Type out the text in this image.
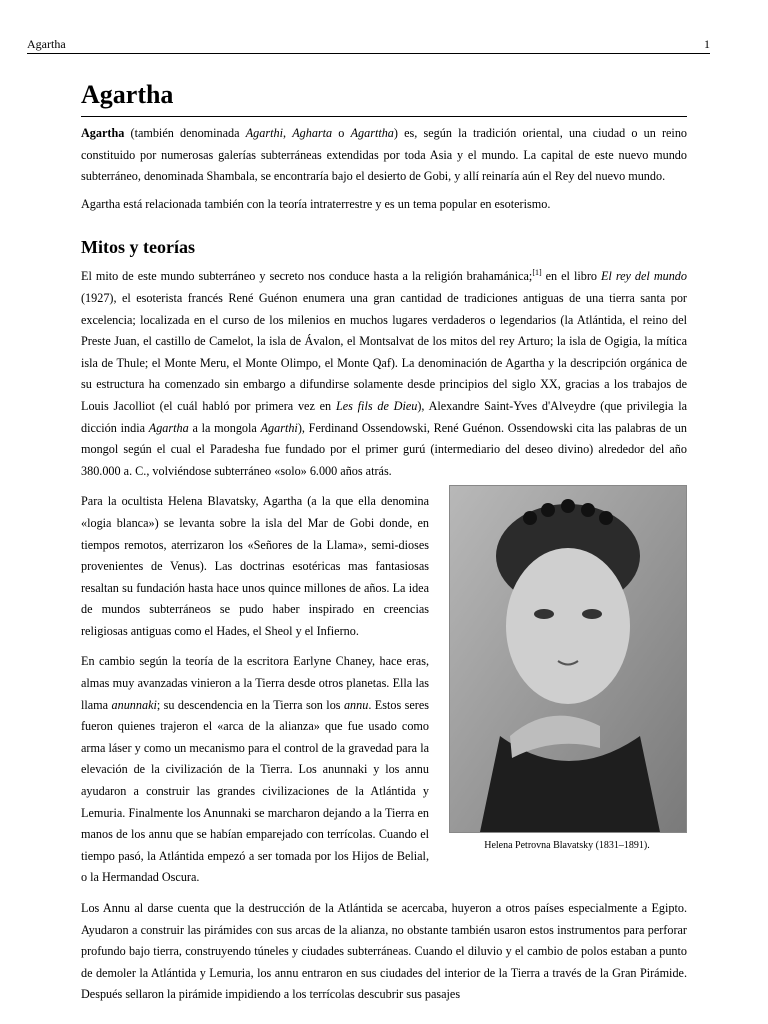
Agartha	1
Agartha

Agartha (también denominada Agarthi, Agharta o Agarttha) es, según la tradición oriental, una ciudad o un reino constituido por numerosas galerías subterráneas extendidas por toda Asia y el mundo. La capital de este nuevo mundo subterráneo, denominada Shambala, se encontraría bajo el desierto de Gobi, y allí reinaría aún el Rey del nuevo mundo.

Agartha está relacionada también con la teoría intraterrestre y es un tema popular en esoterismo.

Mitos y teorías

El mito de este mundo subterráneo y secreto nos conduce hasta a la religión brahamánica;[1] en el libro El rey del mundo (1927), el esoterista francés René Guénon enumera una gran cantidad de tradiciones antiguas de una tierra santa por excelencia; localizada en el curso de los milenios en muchos lugares verdaderos o legendarios (la Atlántida, el reino del Preste Juan, el castillo de Camelot, la isla de Ávalon, el Montsalvat de los mitos del rey Arturo; la isla de Ogigia, la mítica isla de Thule; el Monte Meru, el Monte Olimpo, el Monte Qaf). La denominación de Agartha y la descripción orgánica de su estructura ha comenzado sin embargo a difundirse solamente desde principios del siglo XX, gracias a los trabajos de Louis Jacolliot (el cuál habló por primera vez en Les fils de Dieu), Alexandre Saint-Yves d'Alveydre (que privilegia la dicción india Agartha a la mongola Agarthi), Ferdinand Ossendowski, René Guénon. Ossendowski cita las palabras de un mongol según el cual el Paradesha fue fundado por el primer gurú (intermediario del deseo divino) alrededor del año 380.000 a. C., volviéndose subterráneo «solo» 6.000 años atrás.

Helena Petrovna Blavatsky (1831–1891).

Para la ocultista Helena Blavatsky, Agartha (a la que ella denomina «logia blanca») se levanta sobre la isla del Mar de Gobi donde, en tiempos remotos, aterrizaron los «Señores de la Llama», semi-dioses provenientes de Venus). Las doctrinas esotéricas mas fantasiosas resaltan su fundación hasta hace unos quince millones de años. La idea de mundos subterráneos se pudo haber inspirado en creencias religiosas antiguas como el Hades, el Sheol y el Infierno.

En cambio según la teoría de la escritora Earlyne Chaney, hace eras, almas muy avanzadas vinieron a la Tierra desde otros planetas. Ella las llama anunnaki; su descendencia en la Tierra son los annu. Estos seres fueron quienes trajeron el «arca de la alianza» que fue usado como arma láser y como un mecanismo para el control de la gravedad para la elevación de la civilización de la Tierra. Los anunnaki y los annu ayudaron a construir las grandes civilizaciones de la Atlántida y Lemuria. Finalmente los Anunnaki se marcharon dejando a la Tierra en manos de los annu que se habían emparejado con terrícolas. Cuando el tiempo pasó, la Atlántida empezó a ser tomada por los Hijos de Belial, o la Hermandad Oscura.

Los Annu al darse cuenta que la destrucción de la Atlántida se acercaba, huyeron a otros países especialmente a Egipto. Ayudaron a construir las pirámides con sus arcas de la alianza, no obstante también usaron estos instrumentos para perforar profundo bajo tierra, construyendo túneles y ciudades subterráneas. Cuando el diluvio y el cambio de polos estaban a punto de demoler la Atlántida y Lemuria, los annu entraron en sus ciudades del interior de la Tierra a través de la Gran Pirámide. Después sellaron la pirámide impidiendo a los terrícolas descubrir sus pasajes
